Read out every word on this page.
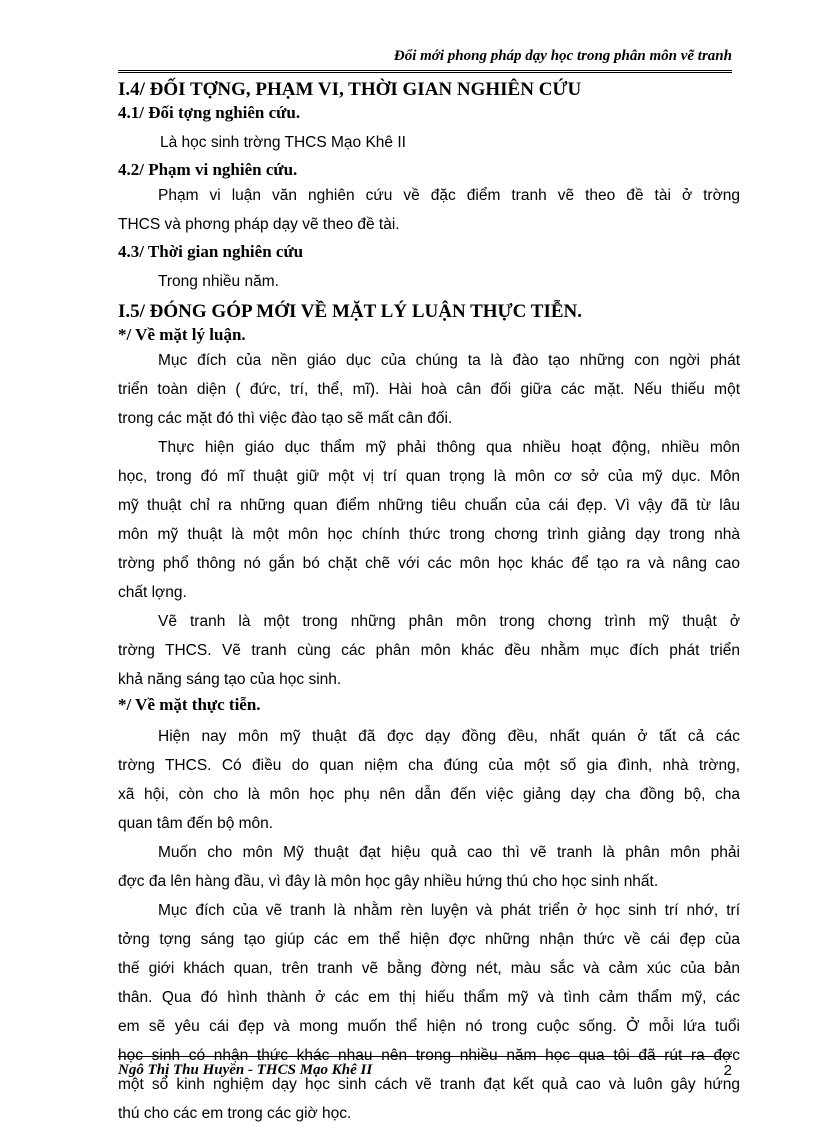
Đổi mới phong pháp dạy học trong phân môn vẽ tranh
I.4/ ĐỐI TỢNG, PHẠM VI, THỜI GIAN NGHIÊN CỨU
4.1/ Đối tợng nghiên cứu.
Là học sinh trờng THCS Mạo Khê II
4.2/ Phạm vi nghiên cứu.
Phạm vi luận văn nghiên cứu về đặc điểm tranh vẽ theo đề tài ở trờng
THCS và phơng pháp dạy vẽ theo đề tài.
4.3/ Thời gian nghiên cứu
Trong nhiều năm.
I.5/ ĐÓNG GÓP MỚI VỀ MẶT LÝ LUẬN THỰC TIỄN.
*/ Về mặt lý luận.
Mục đích của nền giáo dục của chúng ta là đào tạo những con ngời phát
triển toàn diện ( đức, trí, thể, mĩ). Hài hoà cân đối giữa các mặt. Nếu thiếu một
trong các mặt đó thì việc đào tạo sẽ mất cân đối.
Thực hiện giáo dục thẩm mỹ phải thông qua nhiều hoạt động, nhiều môn
học, trong đó mĩ thuật giữ một vị trí quan trọng là môn cơ sở của mỹ dục. Môn
mỹ thuật chỉ ra những quan điểm những tiêu chuẩn của cái đẹp. Vì vậy đã từ lâu
môn mỹ thuật là một môn học chính thức trong chơng trình giảng dạy trong nhà
trờng phổ thông nó gắn bó chặt chẽ với các môn học khác để tạo ra và nâng cao
chất lợng.
Vẽ tranh là một trong những phân môn trong chơng trình mỹ thuật ở
trờng THCS. Vẽ tranh cùng các phân môn khác đều nhằm mục đích phát triển
khả năng sáng tạo của học sinh.
*/ Về mặt thực tiễn.
Hiện nay môn mỹ thuật đã đợc dạy đồng đều, nhất quán ở tất cả các
trờng THCS. Có điều do quan niệm cha đúng của một số gia đình, nhà trờng,
xã hội, còn cho là môn học phụ nên dẫn đến việc giảng dạy cha đồng bộ, cha
quan tâm đến bộ môn.
Muốn cho môn Mỹ thuật đạt hiệu quả cao thì vẽ tranh là phân môn phải
đợc đa lên hàng đầu, vì đây là môn học gây nhiều hứng thú cho học sinh nhất.
Mục đích của vẽ tranh là nhằm rèn luyện và phát triển ở học sinh trí nhớ, trí
tởng tợng sáng tạo giúp các em thể hiện đợc những nhận thức về cái đẹp của
thế giới khách quan, trên tranh vẽ bằng đờng nét, màu sắc và cảm xúc của bản
thân. Qua đó hình thành ở các em thị hiếu thẩm mỹ và tình cảm thẩm mỹ, các
em sẽ yêu cái đẹp và mong muốn thể hiện nó trong cuộc sống. Ở mỗi lứa tuổi
học sinh có nhận thức khác nhau nên trong nhiều năm học qua tôi đã rút ra đợc
một số kinh nghiệm dạy học sinh cách vẽ tranh đạt kết quả cao và luôn gây hứng
thú cho các em trong các giờ học.
Ngô Thị Thu Huyền - THCS Mạo Khê II	2
